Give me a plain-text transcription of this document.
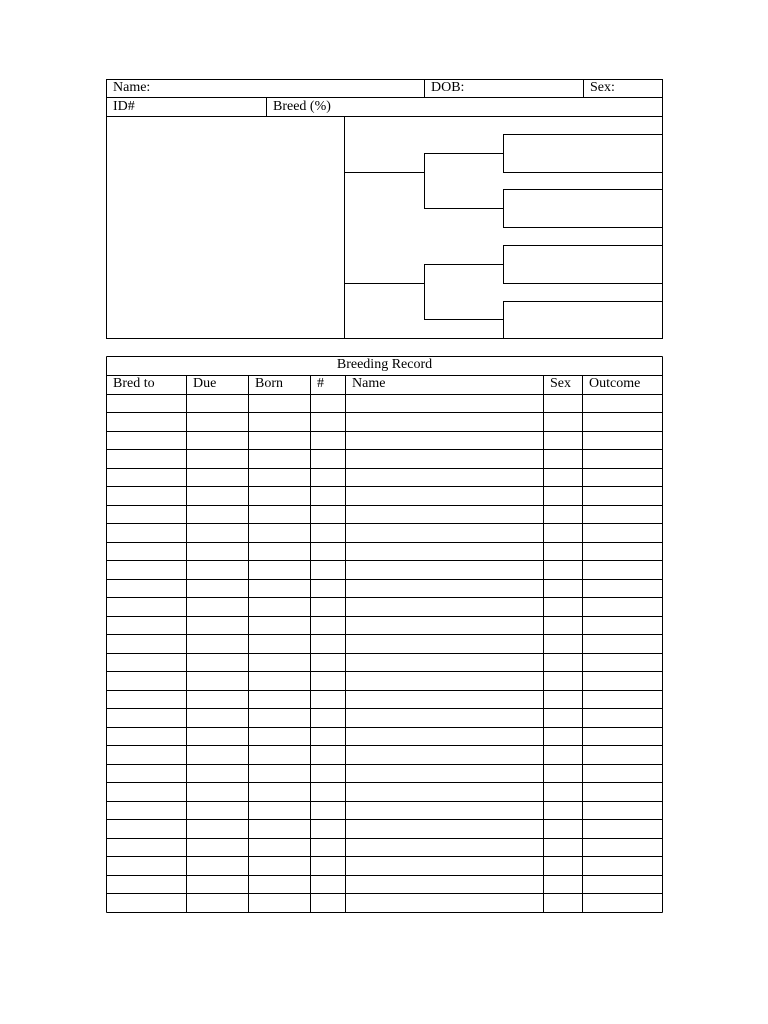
Name:	DOB:	Sex:
ID#	Breed (%)
Breeding Record
Bred to	Due	Born	#	Name	Sex	Outcome
